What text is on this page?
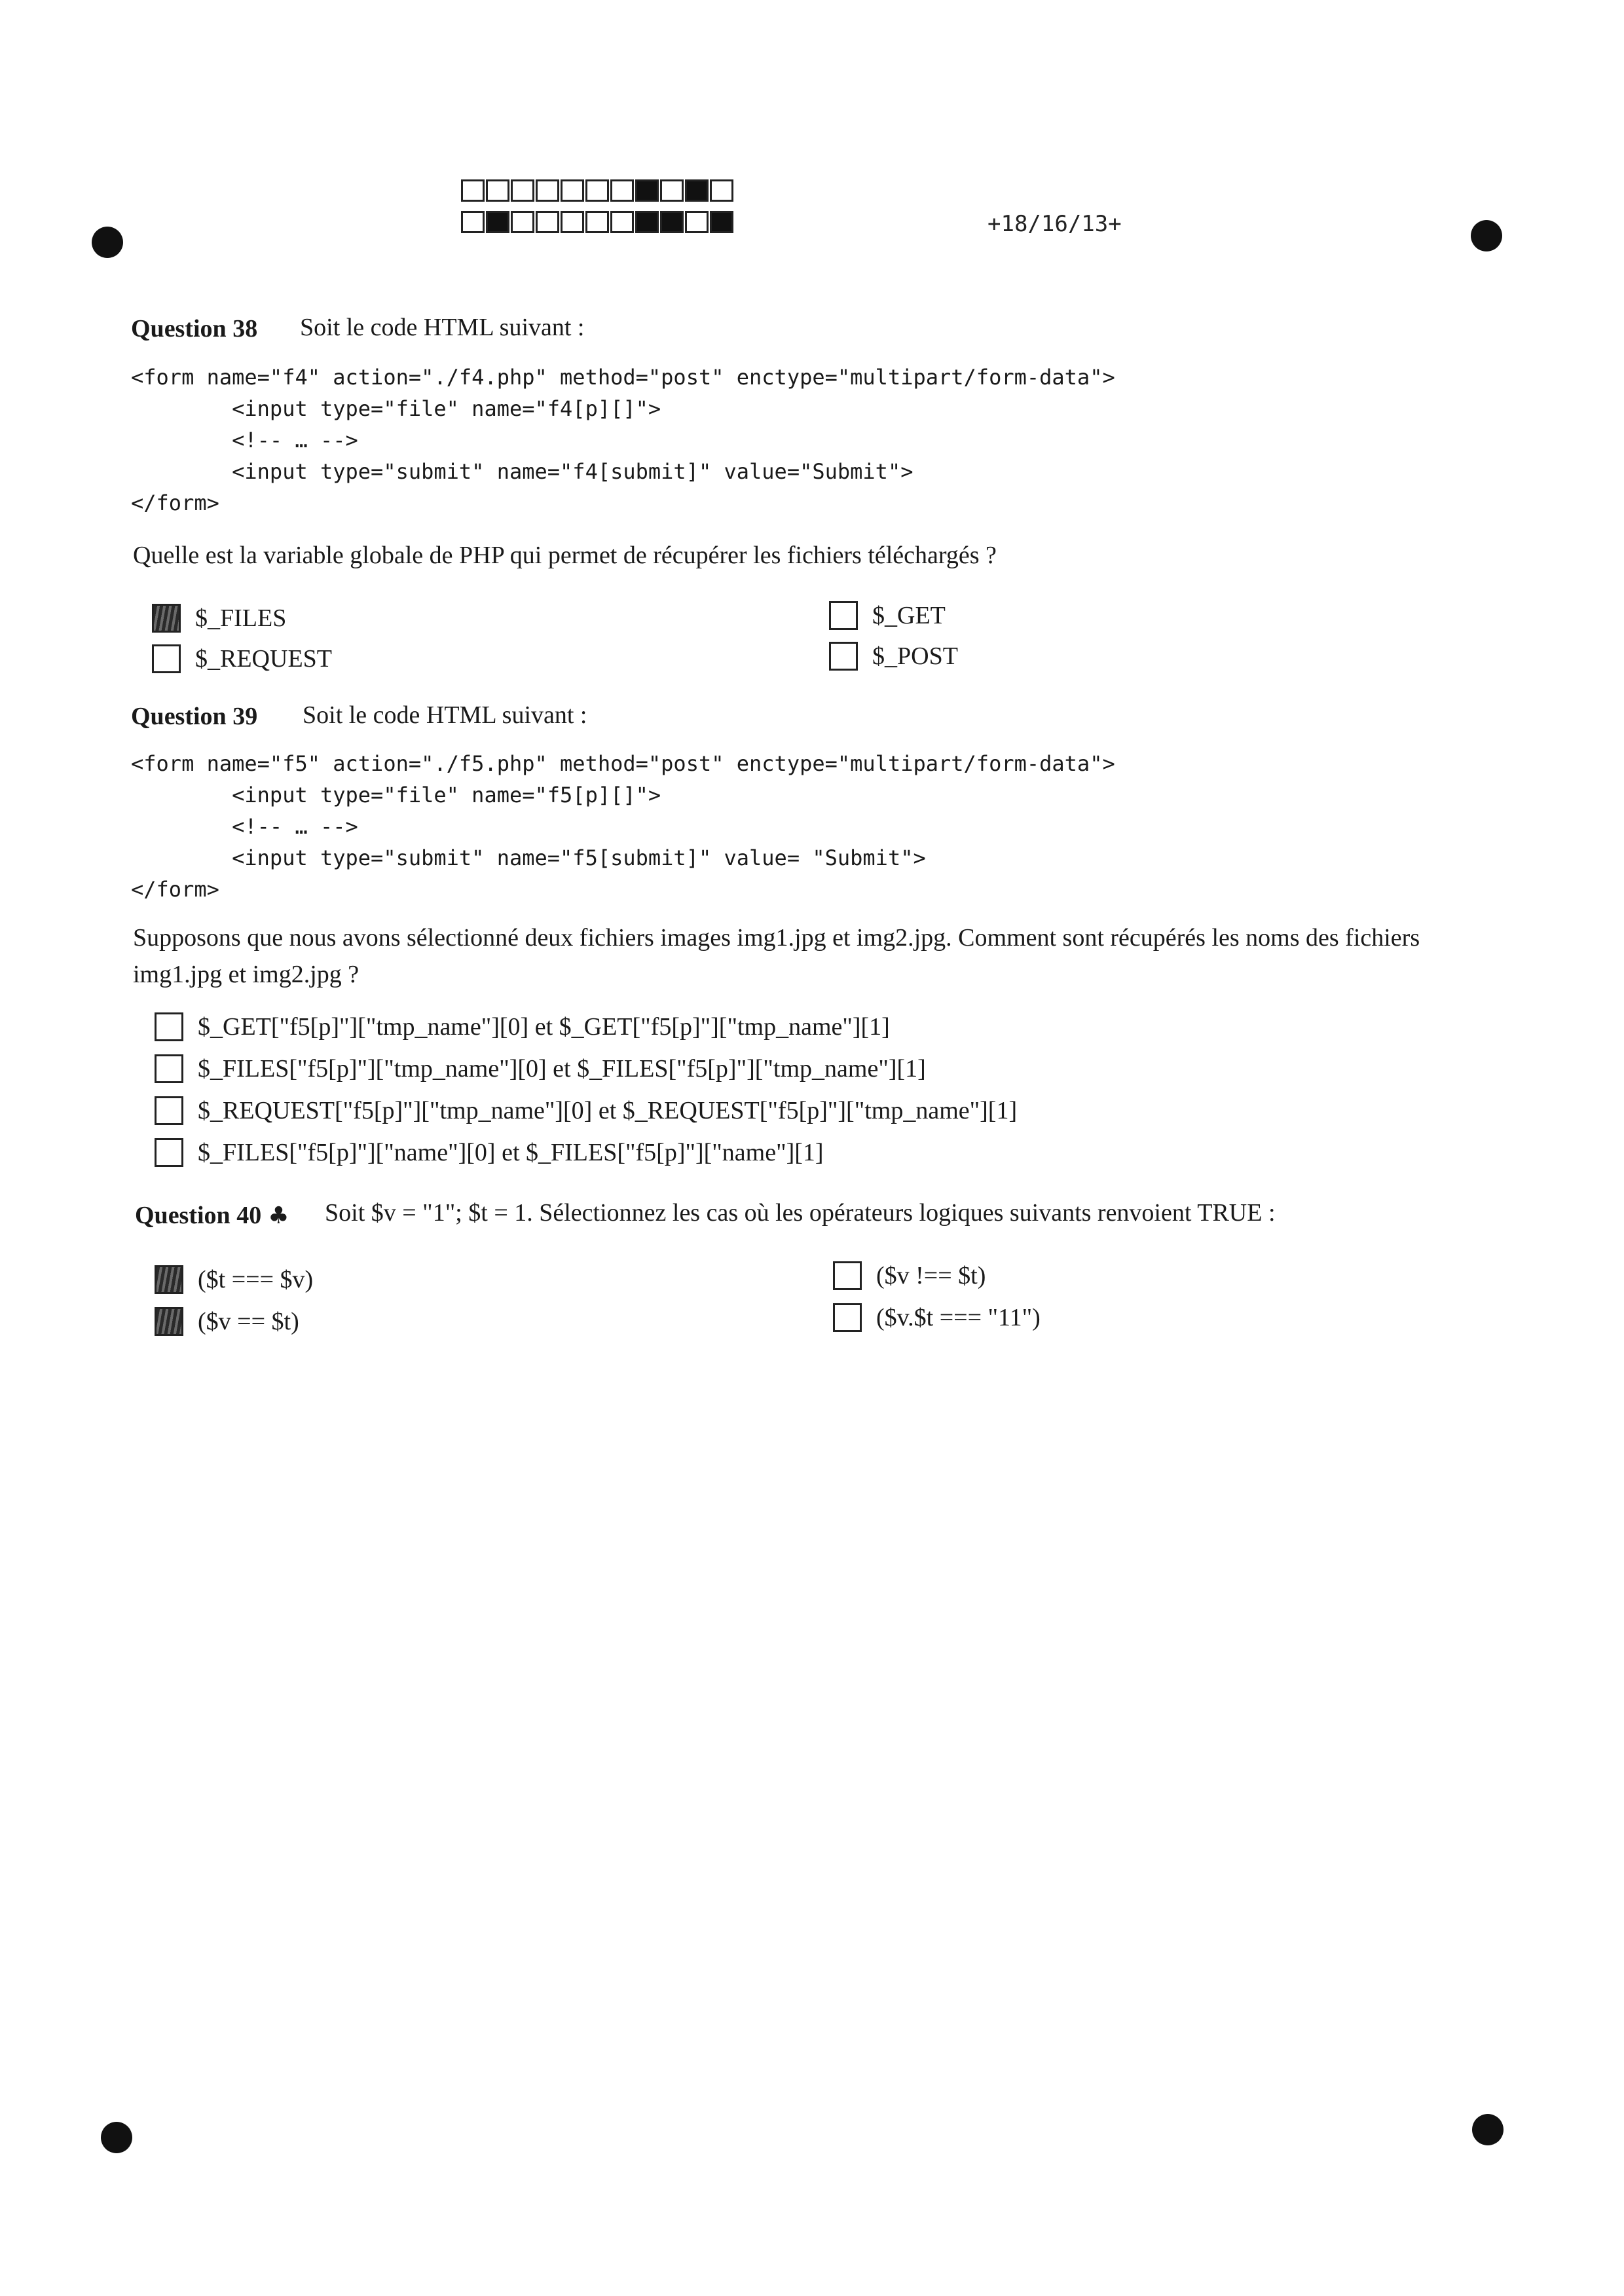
+18/16/13+
Question 38 Soit le code HTML suivant :
<form name="f4" action="./f4.php" method="post" enctype="multipart/form-data">
<input type="file" name="f4[p][]">
<!-- … -->
<input type="submit" name="f4[submit]" value="Submit">
</form>
Quelle est la variable globale de PHP qui permet de récupérer les fichiers téléchargés ?
$_FILES
$_REQUEST
$_GET
$_POST
Question 39 Soit le code HTML suivant :
<form name="f5" action="./f5.php" method="post" enctype="multipart/form-data">
<input type="file" name="f5[p][]">
<!-- … -->
<input type="submit" name="f5[submit]" value= "Submit">
</form>
Supposons que nous avons sélectionné deux fichiers images img1.jpg et img2.jpg. Comment sont récupérés les noms des fichiers img1.jpg et img2.jpg ?
$_GET["f5[p]"]["tmp_name"][0] et $_GET["f5[p]"]["tmp_name"][1]
$_FILES["f5[p]"]["tmp_name"][0] et $_FILES["f5[p]"]["tmp_name"][1]
$_REQUEST["f5[p]"]["tmp_name"][0] et $_REQUEST["f5[p]"]["tmp_name"][1]
$_FILES["f5[p]"]["name"][0] et $_FILES["f5[p]"]["name"][1]
Question 40 ♣ Soit $v = "1"; $t = 1. Sélectionnez les cas où les opérateurs logiques suivants renvoient TRUE :
($t === $v)
($v == $t)
($v !== $t)
($v.$t === "11")
